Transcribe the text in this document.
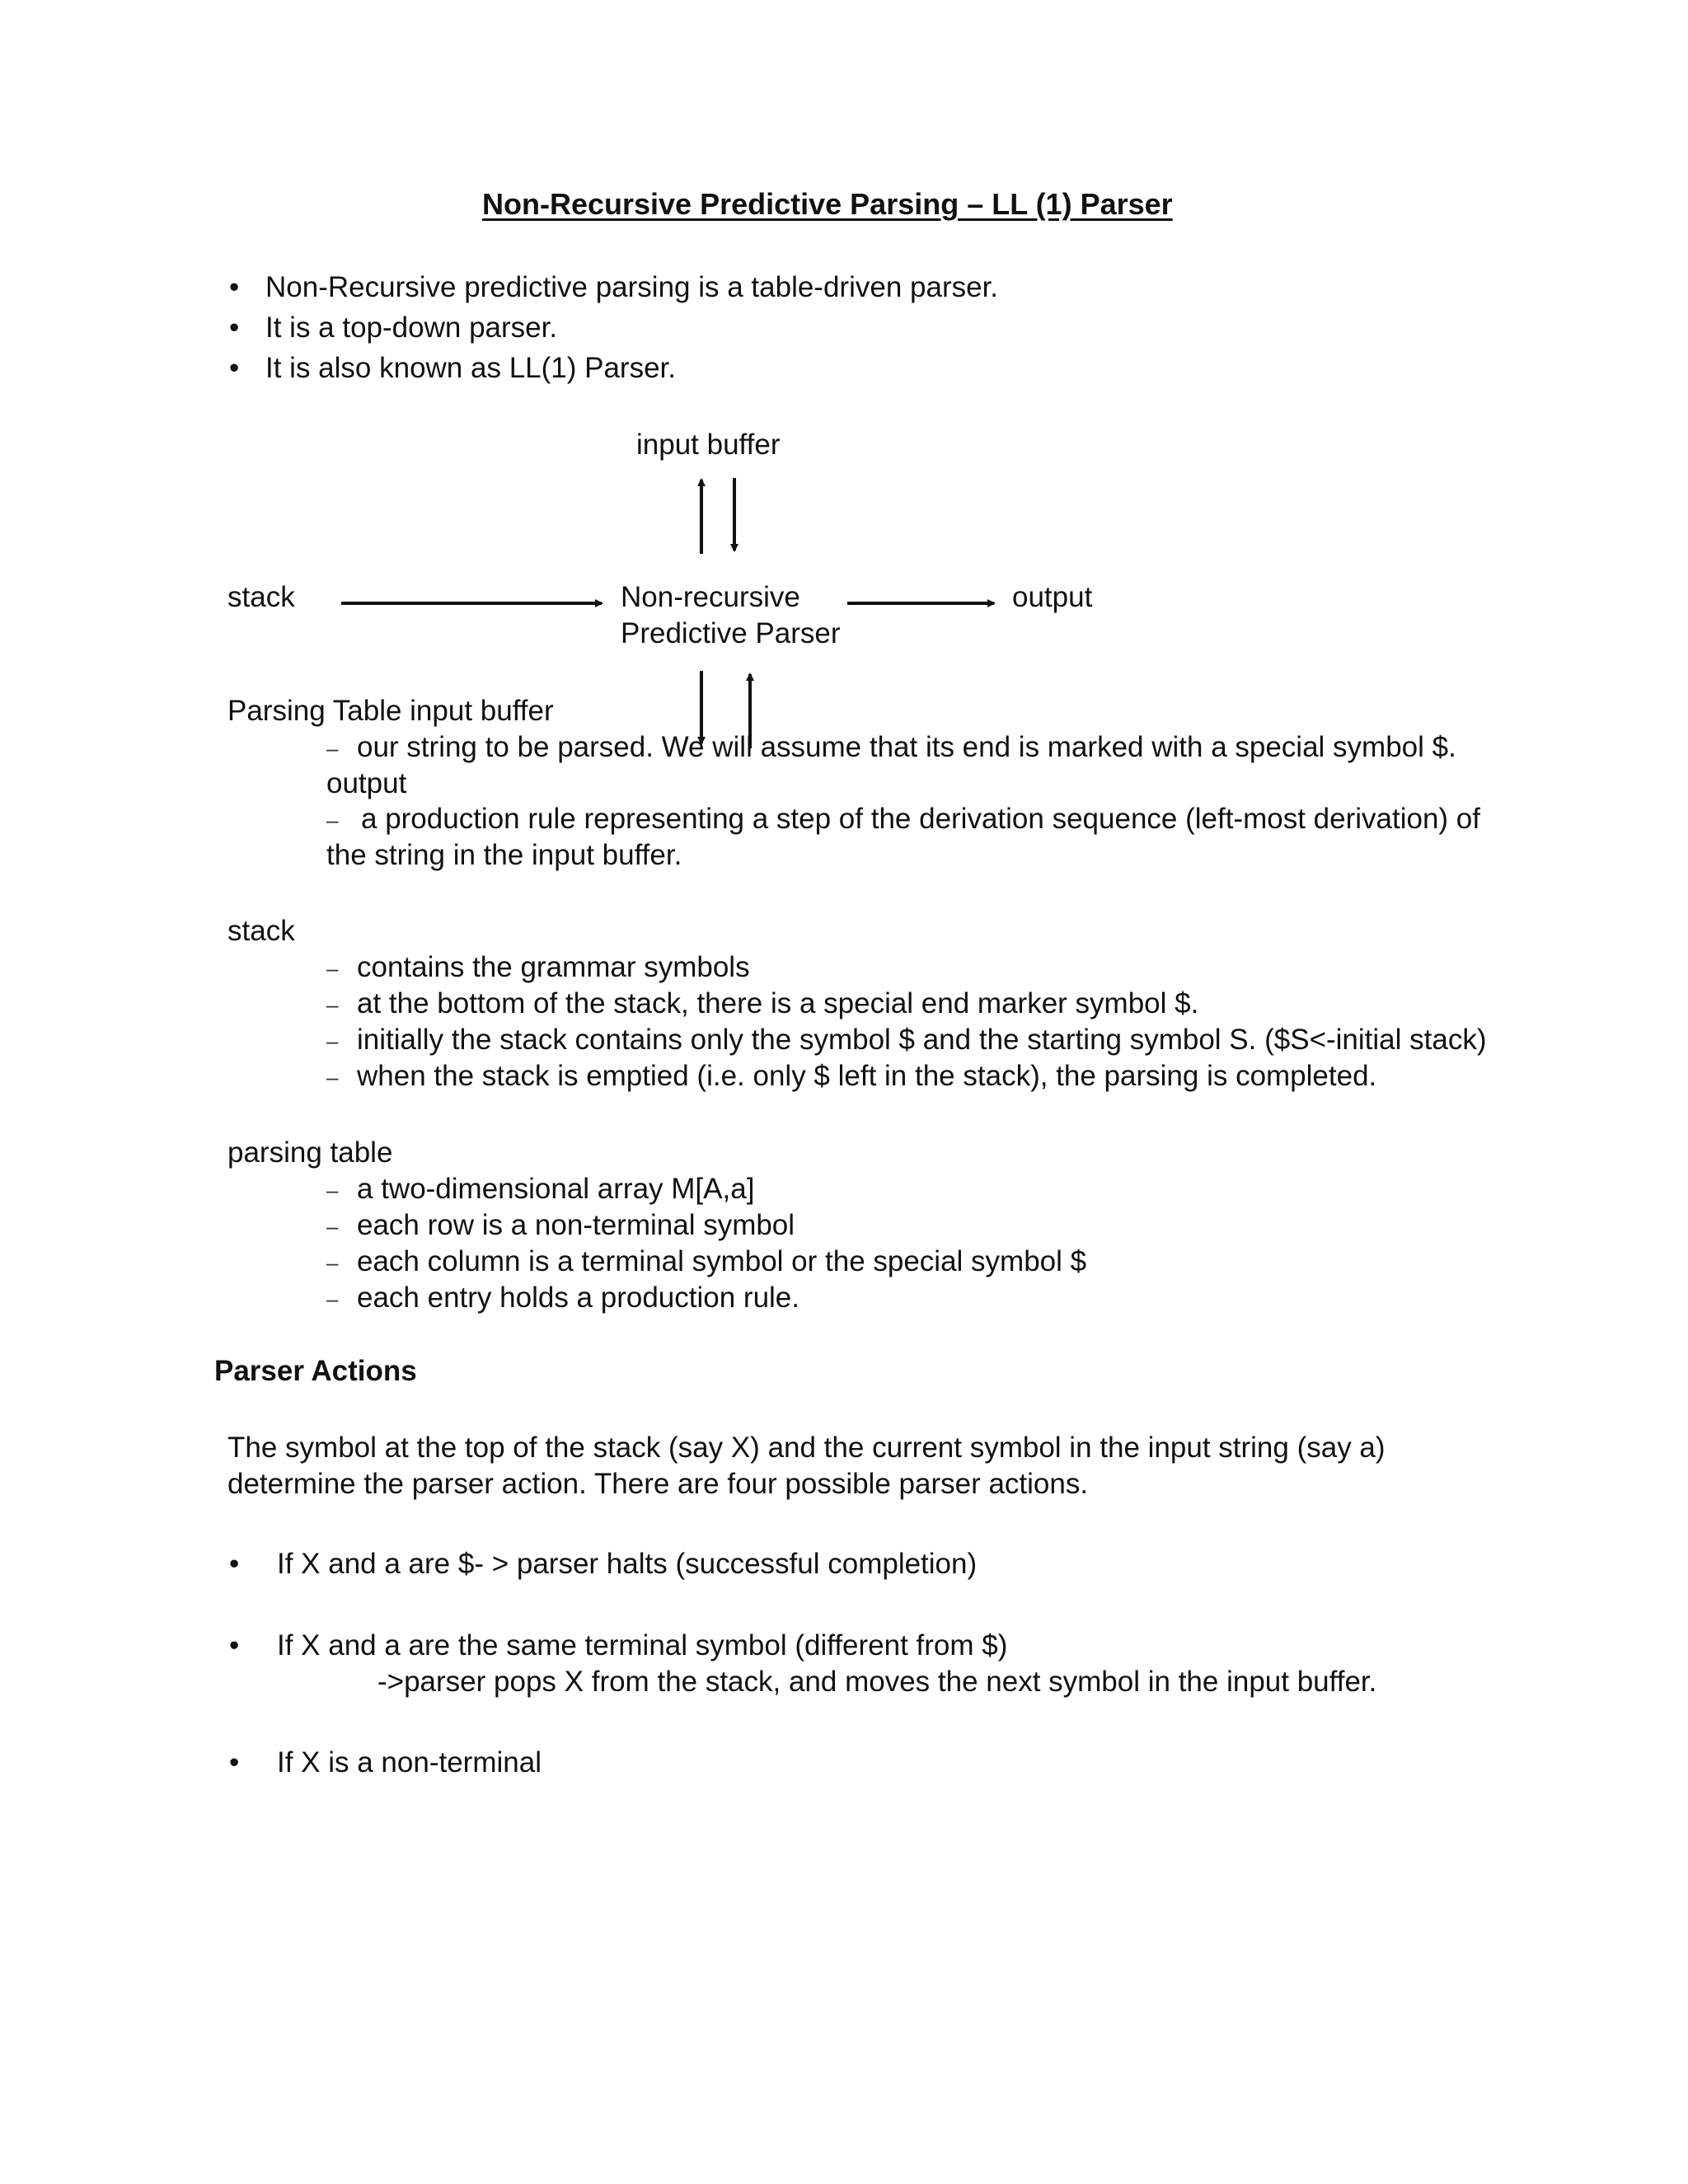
Non-Recursive Predictive Parsing – LL (1) Parser
• Non-Recursive predictive parsing is a table-driven parser.
• It is a top-down parser.
• It is also known as LL(1) Parser.
input buffer
stack	Non-recursive
Predictive Parser
output
Parsing Table input buffer
– our string to be parsed. We will assume that its end is marked with a special symbol $.
output
– a production rule representing a step of the derivation sequence (left-most derivation) of
the string in the input buffer.
stack
– contains the grammar symbols
– at the bottom of the stack, there is a special end marker symbol $.
– initially the stack contains only the symbol $ and the starting symbol S. ($S<-initial stack)
– when the stack is emptied (i.e. only $ left in the stack), the parsing is completed.
parsing table
– a two-dimensional array M[A,a]
– each row is a non-terminal symbol
– each column is a terminal symbol or the special symbol $
– each entry holds a production rule.
Parser Actions
The symbol at the top of the stack (say X) and the current symbol in the input string (say a)
determine the parser action. There are four possible parser actions.
• If X and a are $- > parser halts (successful completion)
• If X and a are the same terminal symbol (different from $)
->parser pops X from the stack, and moves the next symbol in the input buffer.
• If X is a non-terminal
